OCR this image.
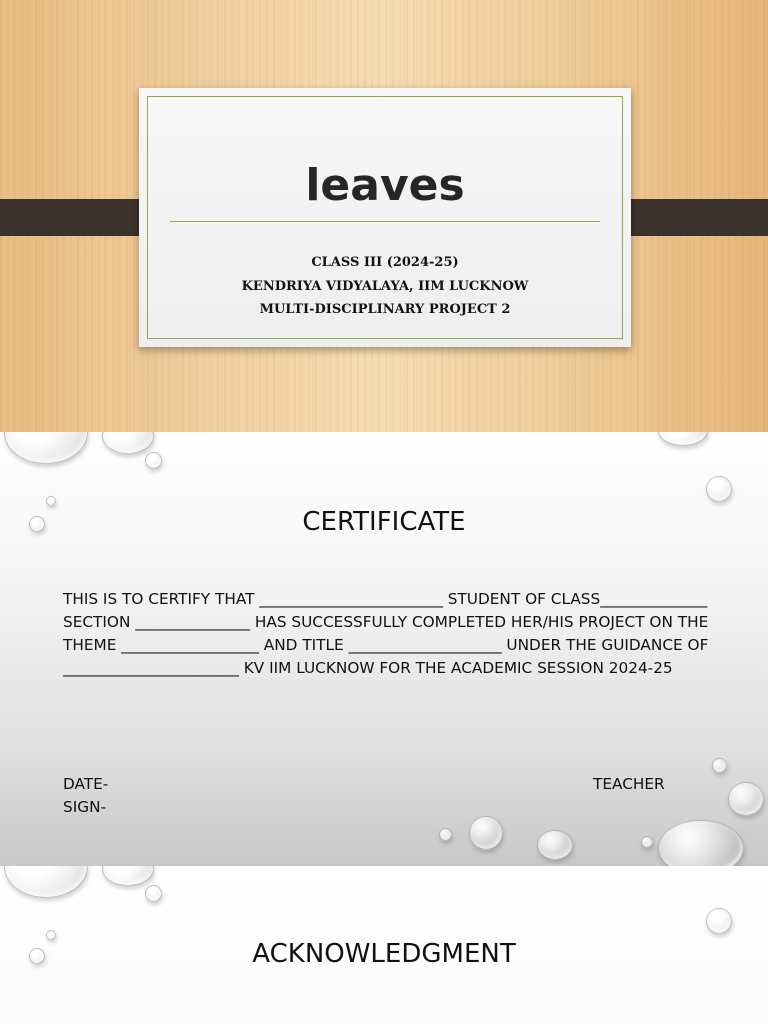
leaves
CLASS III (2024-25)
KENDRIYA VIDYALAYA, IIM LUCKNOW
MULTI-DISCIPLINARY PROJECT 2
CERTIFICATE
THIS IS TO CERTIFY THAT ________________________ STUDENT OF CLASS______________ SECTION _______________ HAS SUCCESSFULLY COMPLETED HER/HIS PROJECT ON THE THEME __________________ AND TITLE ____________________ UNDER THE GUIDANCE OF _______________________ KV IIM LUCKNOW FOR THE ACADEMIC SESSION 2024-25
DATE-
SIGN-
TEACHER
ACKNOWLEDGMENT
